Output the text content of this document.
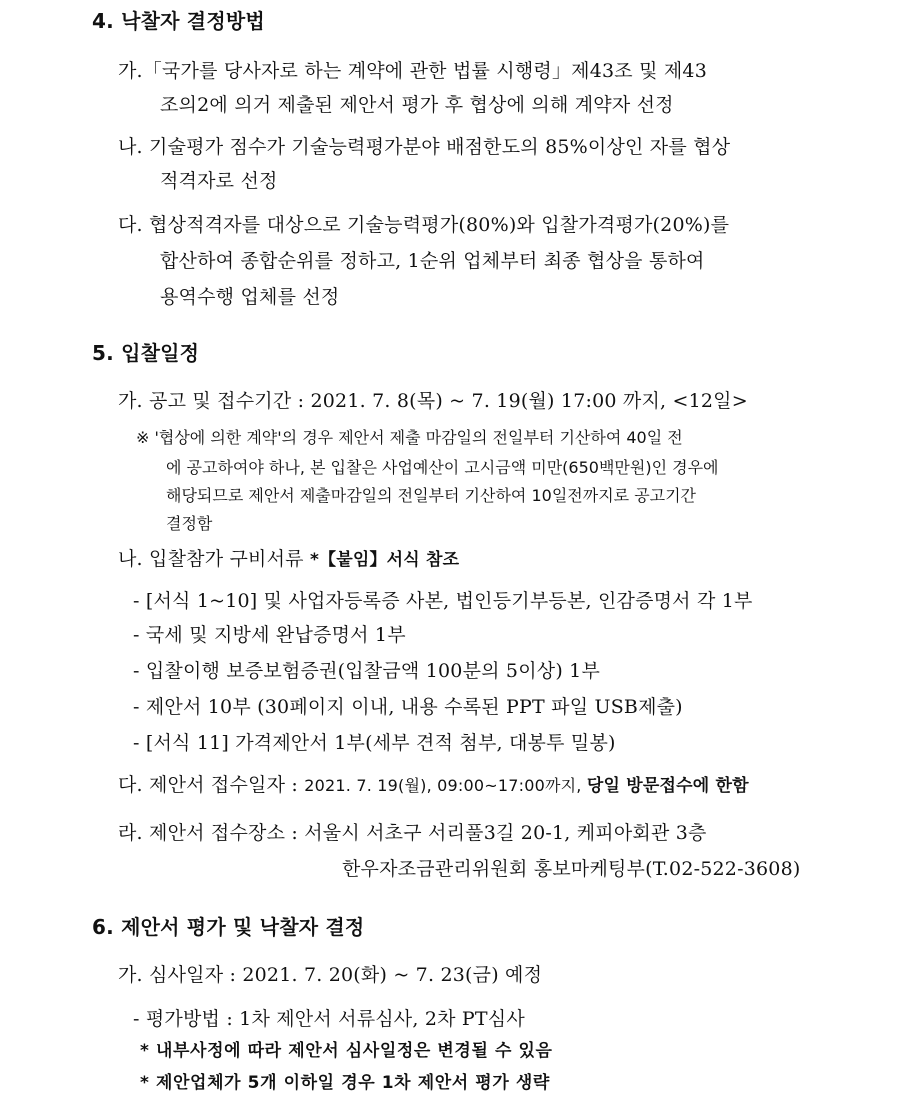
4. 낙찰자 결정방법
가.「국가를 당사자로 하는 계약에 관한 법률 시행령」제43조 및 제43
조의2에 의거 제출된 제안서 평가 후 협상에 의해 계약자 선정
나. 기술평가 점수가 기술능력평가분야 배점한도의 85%이상인 자를 협상
적격자로 선정
다. 협상적격자를 대상으로 기술능력평가(80%)와 입찰가격평가(20%)를
합산하여 종합순위를 정하고, 1순위 업체부터 최종 협상을 통하여
용역수행 업체를 선정
5. 입찰일정
가. 공고 및 접수기간 : 2021. 7. 8(목) ~ 7. 19(월) 17:00 까지, <12일>
※ '협상에 의한 계약'의 경우 제안서 제출 마감일의 전일부터 기산하여 40일 전
에 공고하여야 하나, 본 입찰은 사업예산이 고시금액 미만(650백만원)인 경우에
해당되므로 제안서 제출마감일의 전일부터 기산하여 10일전까지로 공고기간
결정함
나. 입찰참가 구비서류 *【붙임】서식 참조
- [서식 1~10] 및 사업자등록증 사본, 법인등기부등본, 인감증명서 각 1부
- 국세 및 지방세 완납증명서 1부
- 입찰이행 보증보험증권(입찰금액 100분의 5이상) 1부
- 제안서 10부 (30페이지 이내, 내용 수록된 PPT 파일 USB제출)
- [서식 11] 가격제안서 1부(세부 견적 첨부, 대봉투 밀봉)
다. 제안서 접수일자 : 2021. 7. 19(월), 09:00~17:00까지, 당일 방문접수에 한함
라. 제안서 접수장소 : 서울시 서초구 서리풀3길 20-1, 케피아회관 3층
한우자조금관리위원회 홍보마케팅부(T.02-522-3608)
6. 제안서 평가 및 낙찰자 결정
가. 심사일자 : 2021. 7. 20(화) ~ 7. 23(금) 예정
- 평가방법 : 1차 제안서 서류심사, 2차 PT심사
* 내부사정에 따라 제안서 심사일정은 변경될 수 있음
* 제안업체가 5개 이하일 경우 1차 제안서 평가 생략
